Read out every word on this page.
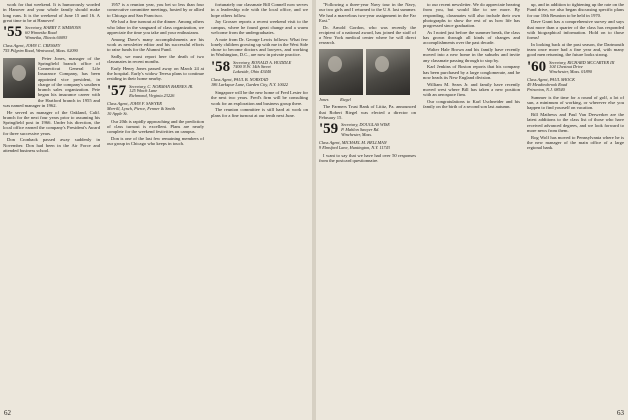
work for that weekend. It is humorously worded in Hanover and your whole family should make long runs. It is the weekend of June 15 and 16. A great time to be at Hanover!

'55 Secretary, HARRY T. SIMMONS
60 Winnetka Road
Winnetka, Illinois 60093
Class Agent, JOHN C. CRESSEY
755 Pilgrim Road, Wentwood, Mass. 02090

Peter Jones, manager of the Springfield branch office of Connecticut General Life Insurance Company, has been appointed vice president, in charge of the company's southern branch sales organization. Pete began his insurance career with the Hartford branch in 1955 and was named manager in 1962.

He served as manager of the Oakland, Calif. branch for the next four years prior to assuming his Springfield post in 1966. Under his direction, the local office earned the company's President's Award for three successive years.

Don Cronback passed away suddenly in November. Don had been in the Air Force and attended business school.

1957 is a reunion year, you bet so less than four consecutive committee meetings, hosted by or allied to Chicago and San Francisco.

We had a fine turnout at the dinner. Among others who labor in the vanguard of class organization, we appreciate the time you take and your enthusiasm.

Among Dave's many accomplishments are his work as newsletter editor and his successful efforts to raise funds for the Alumni Fund.

Sadly, we must report here the death of two classmates in recent months.

Early Henry Jones passed away on March 24 at the hospital. Early's widow Teresa plans to continue residing in their home nearby.

'57 Secretary, C. NORMAN BARNES JR.
125 Winch Lane
Richmond, Virginia 23226
Class Agent, JOHN F. SAWYER
Merrill, Lynch, Pierce, Fenner & Smith
10 Apple St.

Our 20th is rapidly approaching and the prediction of class turnout is excellent. Plans are nearly complete for the weekend festivities on campus.

Don is one of the last few remaining members of our group in Chicago who keeps in touch.

fortunately our classmate Bill Connell now serves in a leadership role with the local office, and we hope others follow.

Jay Grosser reports a recent weekend visit to the campus, where he found great change and a warm welcome from the undergraduates.

A note from Dr. George Lewis follows: What few lonely children growing up with me in the West Side chose to become doctors and lawyers, and working in Washington, D.C., are now in private practice.

'58 Secretary, RONALD A. HUDDLE
7400 N.W. 14th Street
Lakeside, Ohio 43440
Class Agent, PAUL B. NORSTAD
186 Larkspur Lane, Garden City, N.Y. 10022

Singapore will be the new home of Fred Lester for the next two years. Fred's firm will be consulting work for an exploration and business group there.

The reunion committee is still hard at work on plans for a fine turnout at our tenth next June.

62

"Following a three-year Navy tour in the Navy, our two girls and I returned to the U.S. last summer. We had a marvelous two-year assignment in the Far East."

Dr. Arnold Gordon, who was recently the recipient of a national award, has joined the staff of a New York medical center where he will direct research.

Jones	Riegel

The Farmers Trust Bank of Lititz, Pa. announced that Robert Riegel was elected a director on February 15.

'59 Secretary, DOUGLAS WISE
P. Mahlon Sawyer Rd.
Winchester, Mass.
Class Agent, MICHAEL M. HELLMAN
9 Elmsford Lane, Huntington, N.Y. 11743

I want to say that we have had over 50 responses from the postcard questionnaire.

to our recent newsletter. We do appreciate hearing from you, but would like to see more. By responding, classmates will also include their own photographs to show the rest of us how life has progressed since graduation.

As I noted just before the summer break, the class has grown through all kinds of changes and accomplishments over the past decade.

Walter Hale Brown and his family have recently moved into a new home in the suburbs and invite any classmate passing through to stop by.

Karl Jenkins of Boston reports that his company has been purchased by a large conglomerate, and he now heads its New England division.

William M. Sears Jr. and family have recently moved west where Bill has taken a new position with an aerospace firm.

Our congratulations to Karl Uschneider and his family on the birth of a second son last autumn.

up, and in addition to tightening up the rate on the Fund drive, we also began discussing specific plans for our 10th Reunion to be held in 1970.

Dave Grant has a comprehensive survey and says that more than a quarter of the class has responded with biographical information. Hold on to those forms!

In looking back at the past season, the Dartmouth team once more had a fine year and, with many good men returning, the future looks strong.

'60 Secretary, RICHARD MCCARTER III
104 Chestnut Drive
Winchester, Mass. 01890
Class Agent, PAUL SHOCK
49 Meadowbrook Road
Princeton, N.J. 08540

Summer is the time for a round of golf, a lot of sun, a minimum of working, or wherever else you happen to find yourself on vacation.

Bill Mathews and Paul Van Derwerker are the latest additions to the class list of those who have received advanced degrees, and we look forward to more news from them.

Rog Wolf has moved to Pennsylvania where he is the new manager of the main office of a large regional bank.

63
